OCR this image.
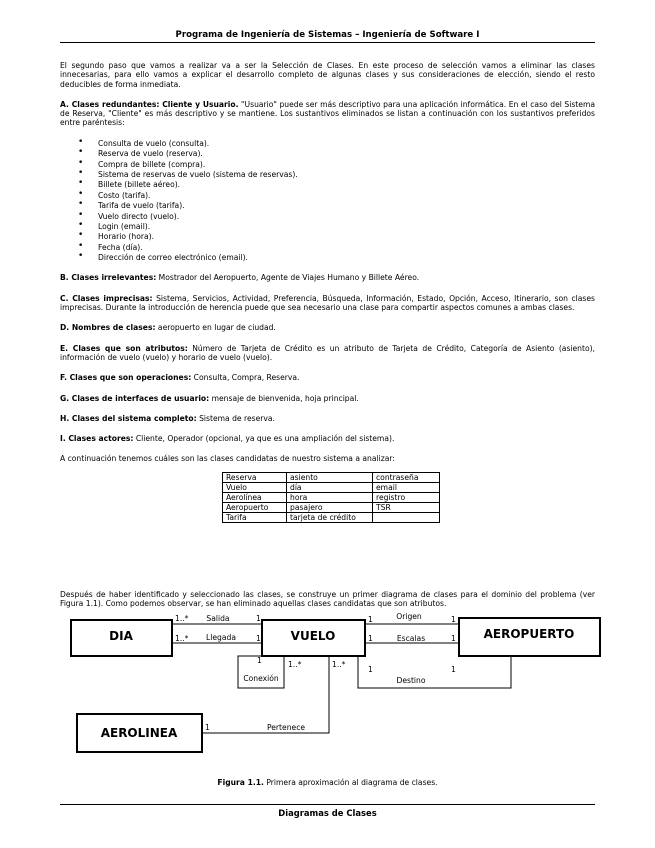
Programa de Ingeniería de Sistemas – Ingeniería de Software I

El segundo paso que vamos a realizar va a ser la Selección de Clases. En este proceso de selección vamos a eliminar las clases innecesarias, para ello vamos a explicar el desarrollo completo de algunas clases y sus consideraciones de elección, siendo el resto deducibles de forma inmediata.

A. Clases redundantes: Cliente y Usuario. "Usuario" puede ser más descriptivo para una aplicación informática. En el caso del Sistema de Reserva, "Cliente" es más descriptivo y se mantiene. Los sustantivos eliminados se listan a continuación con los sustantivos preferidos entre paréntesis:

• Consulta de vuelo (consulta).
• Reserva de vuelo (reserva).
• Compra de billete (compra).
• Sistema de reservas de vuelo (sistema de reservas).
• Billete (billete aéreo).
• Costo (tarifa).
• Tarifa de vuelo (tarifa).
• Vuelo directo (vuelo).
• Login (email).
• Horario (hora).
• Fecha (día).
• Dirección de correo electrónico (email).

B. Clases irrelevantes: Mostrador del Aeropuerto, Agente de Viajes Humano y Billete Aéreo.

C. Clases imprecisas: Sistema, Servicios, Actividad, Preferencia, Búsqueda, Información, Estado, Opción, Acceso, Itinerario, son clases imprecisas. Durante la introducción de herencia puede que sea necesario una clase para compartir aspectos comunes a ambas clases.

D. Nombres de clases: aeropuerto en lugar de ciudad.

E. Clases que son atributos: Número de Tarjeta de Crédito es un atributo de Tarjeta de Crédito, Categoría de Asiento (asiento), información de vuelo (vuelo) y horario de vuelo (vuelo).

F. Clases que son operaciones: Consulta, Compra, Reserva.

G. Clases de interfaces de usuario: mensaje de bienvenida, hoja principal.

H. Clases del sistema completo: Sistema de reserva.

I. Clases actores: Cliente, Operador (opcional, ya que es una ampliación del sistema).

A continuación tenemos cuáles son las clases candidatas de nuestro sistema a analizar:

Reserva	asiento	contraseña
Vuelo	día	email
Aerolínea	hora	registro
Aeropuerto	pasajero	TSR
Tarifa	tarjeta de crédito	
Después de haber identificado y seleccionado las clases, se construye un primer diagrama de clases para el dominio del problema (ver Figura 1.1). Como podemos observar, se han eliminado aquellas clases candidatas que son atributos.
DIA	VUELO	AEROPUERTO
AEROLINEA
1..* Salida	1
1..* Llegada	1
1	Origen	1
1	Escalas	1
1	1
Destino
1	1..*
Conexión
1..*
1	Pertenece
Figura 1.1. Primera aproximación al diagrama de clases.
Diagramas de Clases
